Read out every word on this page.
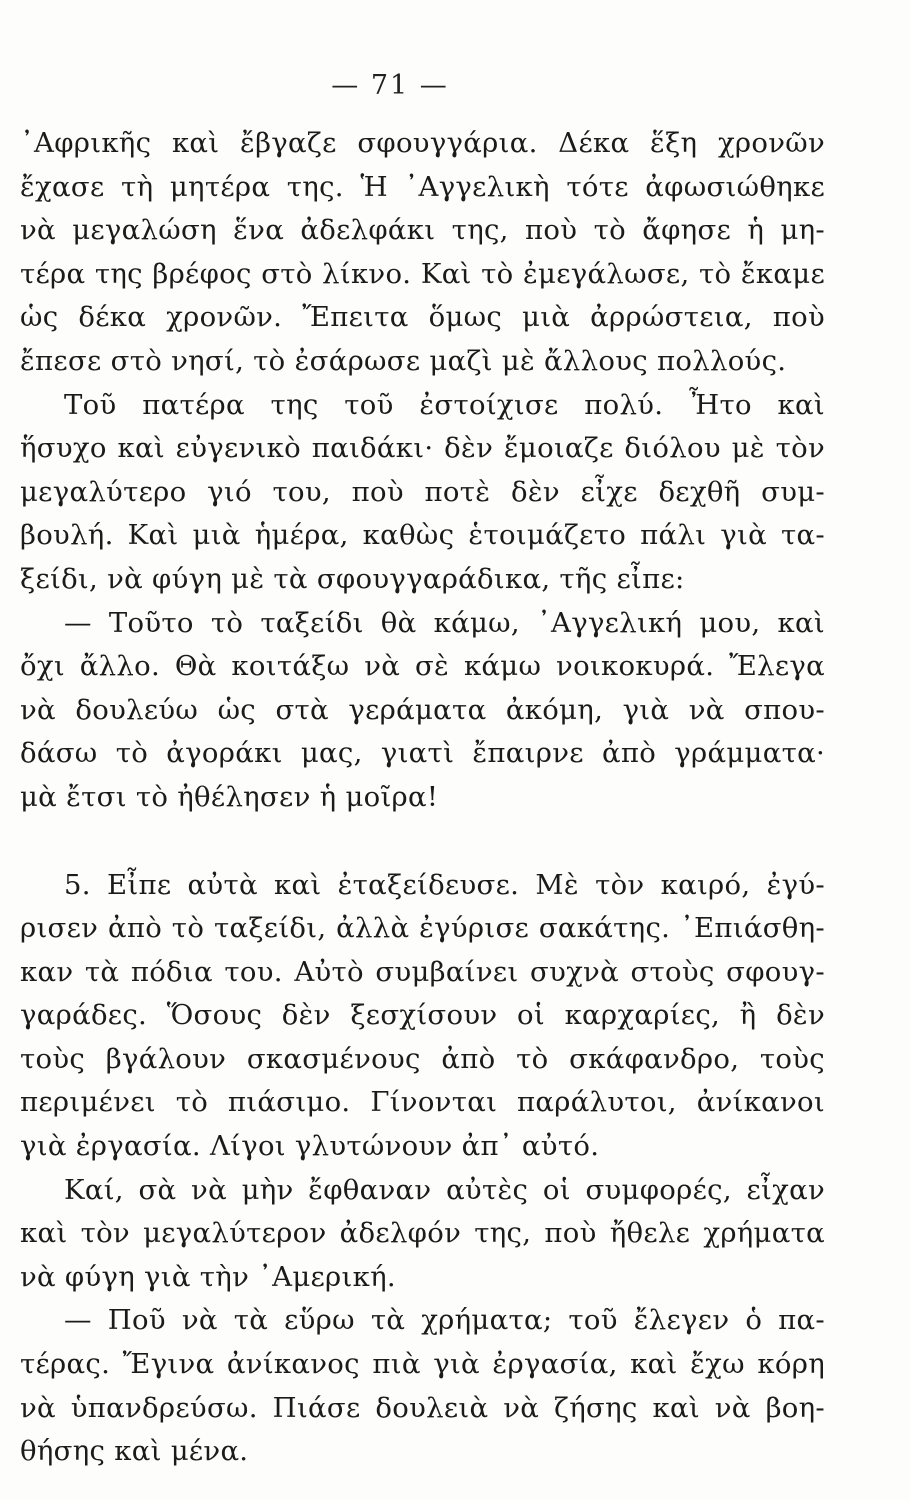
— 71 —
᾿Αφρικῆς καὶ ἔβγαζε σφουγγάρια. Δέκα ἕξη χρονῶν
ἔχασε τὴ μητέρα της. Ἡ ᾿Αγγελικὴ τότε ἀφωσιώθηκε
νὰ μεγαλώση ἕνα ἀδελφάκι της, ποὺ τὸ ἄφησε ἡ μη-
τέρα της βρέφος στὸ λίκνο. Καὶ τὸ ἐμεγάλωσε, τὸ ἔκαμε
ὡς δέκα χρονῶν. Ἔπειτα ὅμως μιὰ ἀρρώστεια, ποὺ
ἔπεσε στὸ νησί, τὸ ἐσάρωσε μαζὶ μὲ ἄλλους πολλούς.
Τοῦ πατέρα της τοῦ ἐστοίχισε πολύ. Ἦτο καὶ
ἥσυχο καὶ εὐγενικὸ παιδάκι· δὲν ἔμοιαζε διόλου μὲ τὸν
μεγαλύτερο γιό του, ποὺ ποτὲ δὲν εἶχε δεχθῆ συμ-
βουλή. Καὶ μιὰ ἡμέρα, καθὼς ἑτοιμάζετο πάλι γιὰ τα-
ξείδι, νὰ φύγη μὲ τὰ σφουγγαράδικα, τῆς εἶπε:
— Τοῦτο τὸ ταξείδι θὰ κάμω, ᾿Αγγελική μου, καὶ
ὄχι ἄλλο. Θὰ κοιτάξω νὰ σὲ κάμω νοικοκυρά. Ἔλεγα
νὰ δουλεύω ὡς στὰ γεράματα ἀκόμη, γιὰ νὰ σπου-
δάσω τὸ ἀγοράκι μας, γιατὶ ἔπαιρνε ἀπὸ γράμματα·
μὰ ἔτσι τὸ ἠθέλησεν ἡ μοῖρα!
5. Εἶπε αὐτὰ καὶ ἐταξείδευσε. Μὲ τὸν καιρό, ἐγύ-
ρισεν ἀπὸ τὸ ταξείδι, ἀλλὰ ἐγύρισε σακάτης. ᾿Επιάσθη-
καν τὰ πόδια του. Αὐτὸ συμβαίνει συχνὰ στοὺς σφουγ-
γαράδες. Ὅσους δὲν ξεσχίσουν οἱ καρχαρίες, ἢ δὲν
τοὺς βγάλουν σκασμένους ἀπὸ τὸ σκάφανδρο, τοὺς
περιμένει τὸ πιάσιμο. Γίνονται παράλυτοι, ἀνίκανοι
γιὰ ἐργασία. Λίγοι γλυτώνουν ἀπ᾿ αὐτό.
Καί, σὰ νὰ μὴν ἔφθαναν αὐτὲς οἱ συμφορές, εἶχαν
καὶ τὸν μεγαλύτερον ἀδελφόν της, ποὺ ἤθελε χρήματα
νὰ φύγη γιὰ τὴν ᾿Αμερική.
— Ποῦ νὰ τὰ εὕρω τὰ χρήματα; τοῦ ἔλεγεν ὁ πα-
τέρας. Ἔγινα ἀνίκανος πιὰ γιὰ ἐργασία, καὶ ἔχω κόρη
νὰ ὑπανδρεύσω. Πιάσε δουλειὰ νὰ ζήσης καὶ νὰ βοη-
θήσης καὶ μένα.
